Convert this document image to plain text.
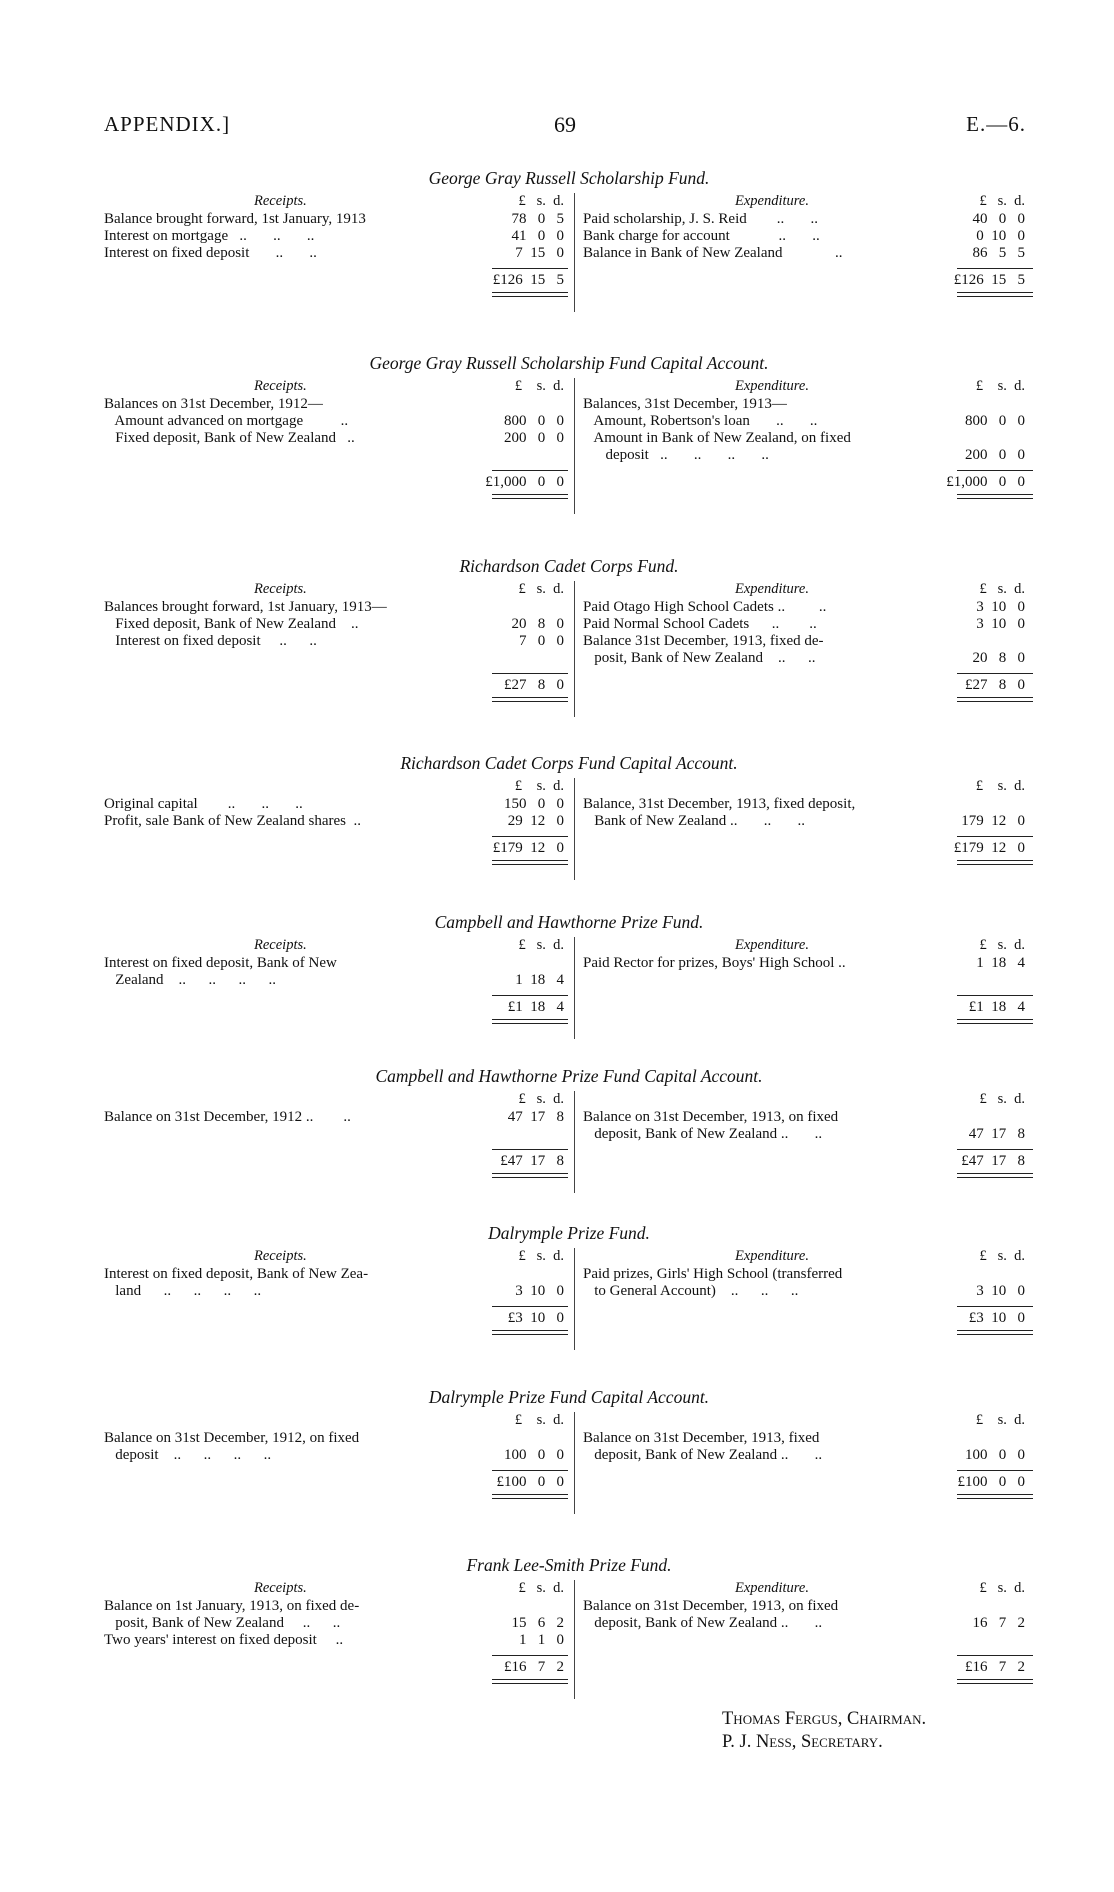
APPENDIX.]	69	E.—6.
George Gray Russell Scholarship Fund.
Receipts.	£   s.  d.
Balance brought forward, 1st January, 1913	78   0   5
Interest on mortgage   ..       ..       ..	41   0   0
Interest on fixed deposit       ..       ..	7  15   0
£126  15   5
Expenditure.	£   s.  d.
Paid scholarship, J. S. Reid        ..       ..	40   0   0
Bank charge for account             ..       ..	0  10   0
Balance in Bank of New Zealand              ..	86   5   5
£126  15   5
George Gray Russell Scholarship Fund Capital Account.
Receipts.	£    s.  d.
Balances on 31st December, 1912—
Amount advanced on mortgage          ..	800   0   0
Fixed deposit, Bank of New Zealand   ..	200   0   0
£1,000   0   0
Expenditure.	£    s.  d.
Balances, 31st December, 1913—
Amount, Robertson's loan       ..       ..	800   0   0
Amount in Bank of New Zealand, on fixed
deposit   ..       ..       ..       ..	200   0   0
£1,000   0   0
Richardson Cadet Corps Fund.
Receipts.	£   s.  d.
Balances brought forward, 1st January, 1913—
Fixed deposit, Bank of New Zealand    ..	20   8   0
Interest on fixed deposit     ..      ..	7   0   0
£27   8   0
Expenditure.	£   s.  d.
Paid Otago High School Cadets ..         ..	3  10   0
Paid Normal School Cadets      ..        ..	3  10   0
Balance 31st December, 1913, fixed de-
posit, Bank of New Zealand    ..      ..	20   8   0
£27   8   0
Richardson Cadet Corps Fund Capital Account.
£    s.  d.
Original capital        ..       ..       ..	150   0   0
Profit, sale Bank of New Zealand shares  ..	29  12   0
£179  12   0
£    s.  d.
Balance, 31st December, 1913, fixed deposit,
Bank of New Zealand ..       ..       ..	179  12   0
£179  12   0
Campbell and Hawthorne Prize Fund.
Receipts.	£   s.  d.
Interest on fixed deposit, Bank of New
Zealand    ..      ..      ..      ..	1  18   4
£1  18   4
Expenditure.	£   s.  d.
Paid Rector for prizes, Boys' High School ..	1  18   4
£1  18   4
Campbell and Hawthorne Prize Fund Capital Account.
£   s.  d.
Balance on 31st December, 1912 ..        ..	47  17   8
£47  17   8
£   s.  d.
Balance on 31st December, 1913, on fixed
deposit, Bank of New Zealand ..       ..	47  17   8
£47  17   8
Dalrymple Prize Fund.
Receipts.	£   s.  d.
Interest on fixed deposit, Bank of New Zea-
land      ..      ..      ..      ..	3  10   0
£3  10   0
Expenditure.	£   s.  d.
Paid prizes, Girls' High School (transferred
to General Account)    ..      ..      ..	3  10   0
£3  10   0
Dalrymple Prize Fund Capital Account.
£    s.  d.
Balance on 31st December, 1912, on fixed
deposit    ..      ..      ..      ..	100   0   0
£100   0   0
£    s.  d.
Balance on 31st December, 1913, fixed
deposit, Bank of New Zealand ..       ..	100   0   0
£100   0   0
Frank Lee-Smith Prize Fund.
Receipts.	£   s.  d.
Balance on 1st January, 1913, on fixed de-
posit, Bank of New Zealand     ..      ..	15   6   2
Two years' interest on fixed deposit     ..	1   1   0
£16   7   2
Expenditure.	£   s.  d.
Balance on 31st December, 1913, on fixed
deposit, Bank of New Zealand ..       ..	16   7   2
£16   7   2
Thomas Fergus, Chairman.
P. J. Ness, Secretary.
